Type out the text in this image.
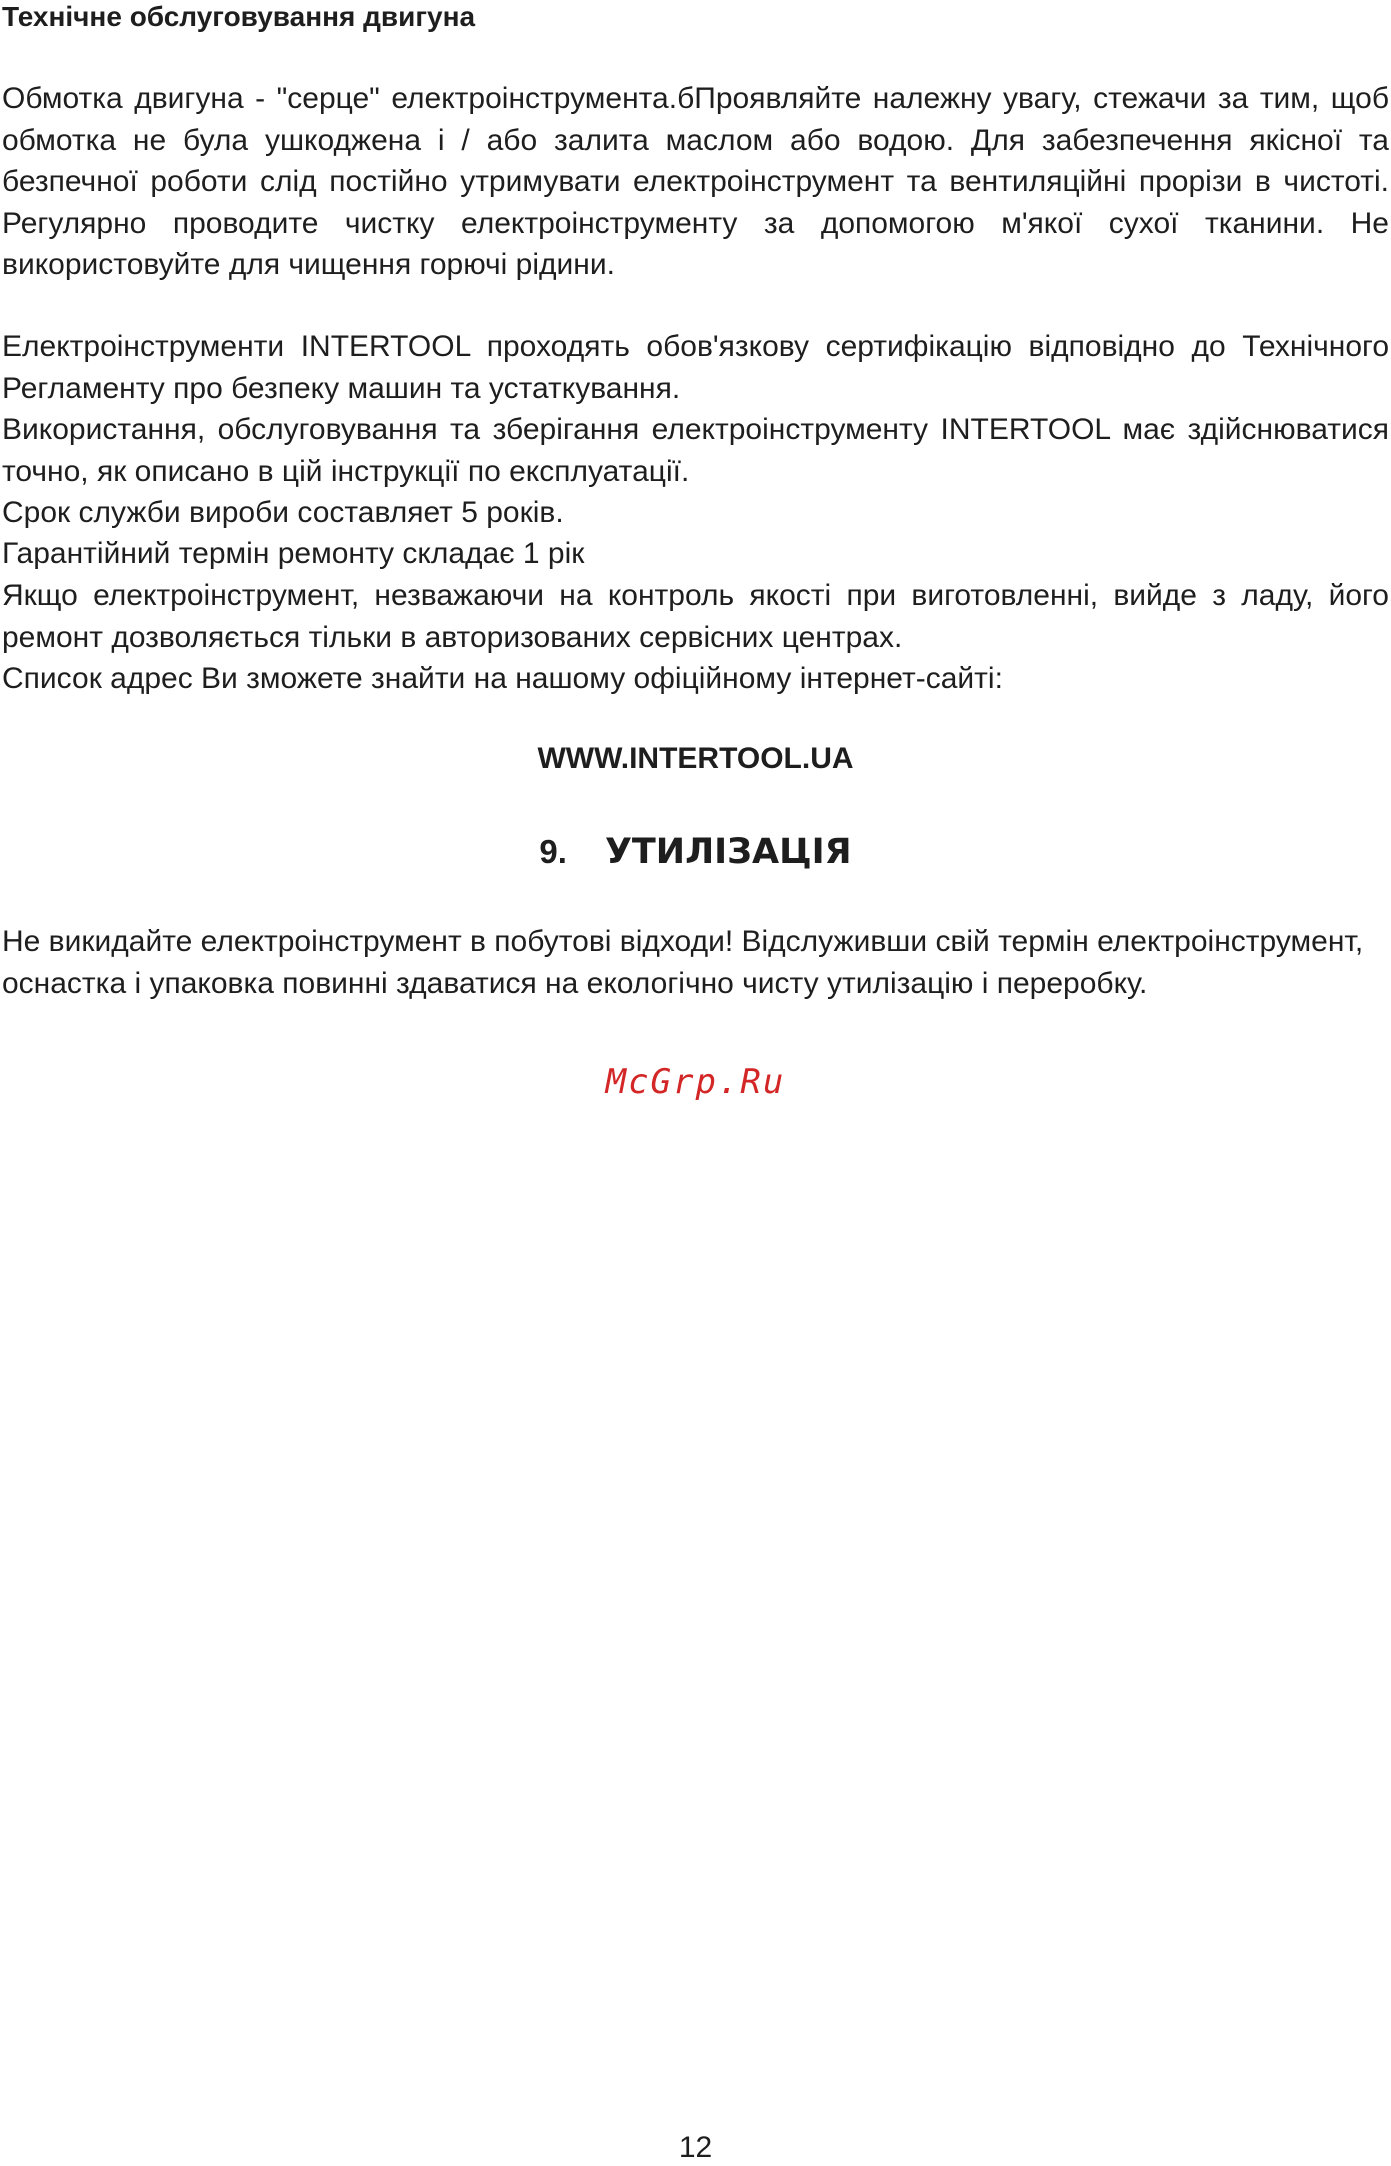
Технічне обслуговування двигуна

Обмотка двигуна - "серце" електроінструмента.бПроявляйте належну увагу, стежачи за тим, щоб обмотка не була ушкоджена і / або залита маслом або водою. Для забезпечення якісної та безпечної роботи слід постійно утримувати електроінструмент та вентиляційні прорізи в чистоті. Регулярно проводите чистку електроінструменту за допомогою м'якої сухої тканини. Не використовуйте для чищення горючі рідини.

Електроінструменти INTERTOOL проходять обов'язкову сертифікацію відповідно до Технічного Регламенту про безпеку машин та устаткування.

Використання, обслуговування та зберігання електроінструменту INTERTOOL має здійснюватися точно, як описано в цій інструкції по експлуатації.

Срок служби вироби составляет 5 років.

Гарантійний термін ремонту складає 1 рік

Якщо електроінструмент, незважаючи на контроль якості при виготовленні, вийде з ладу, його ремонт дозволяється тільки в авторизованих сервісних центрах.

Список адрес Ви зможете знайти на нашому офіційному інтернет-сайті:

WWW.INTERTOOL.UA

9. УТИЛІЗАЦІЯ

Не викидайте електроінструмент в побутові відходи! Відслуживши свій термін електроінструмент, оснастка і упаковка повинні здаватися на екологічно чисту утилізацію і переробку.

McGrp.Ru

12
